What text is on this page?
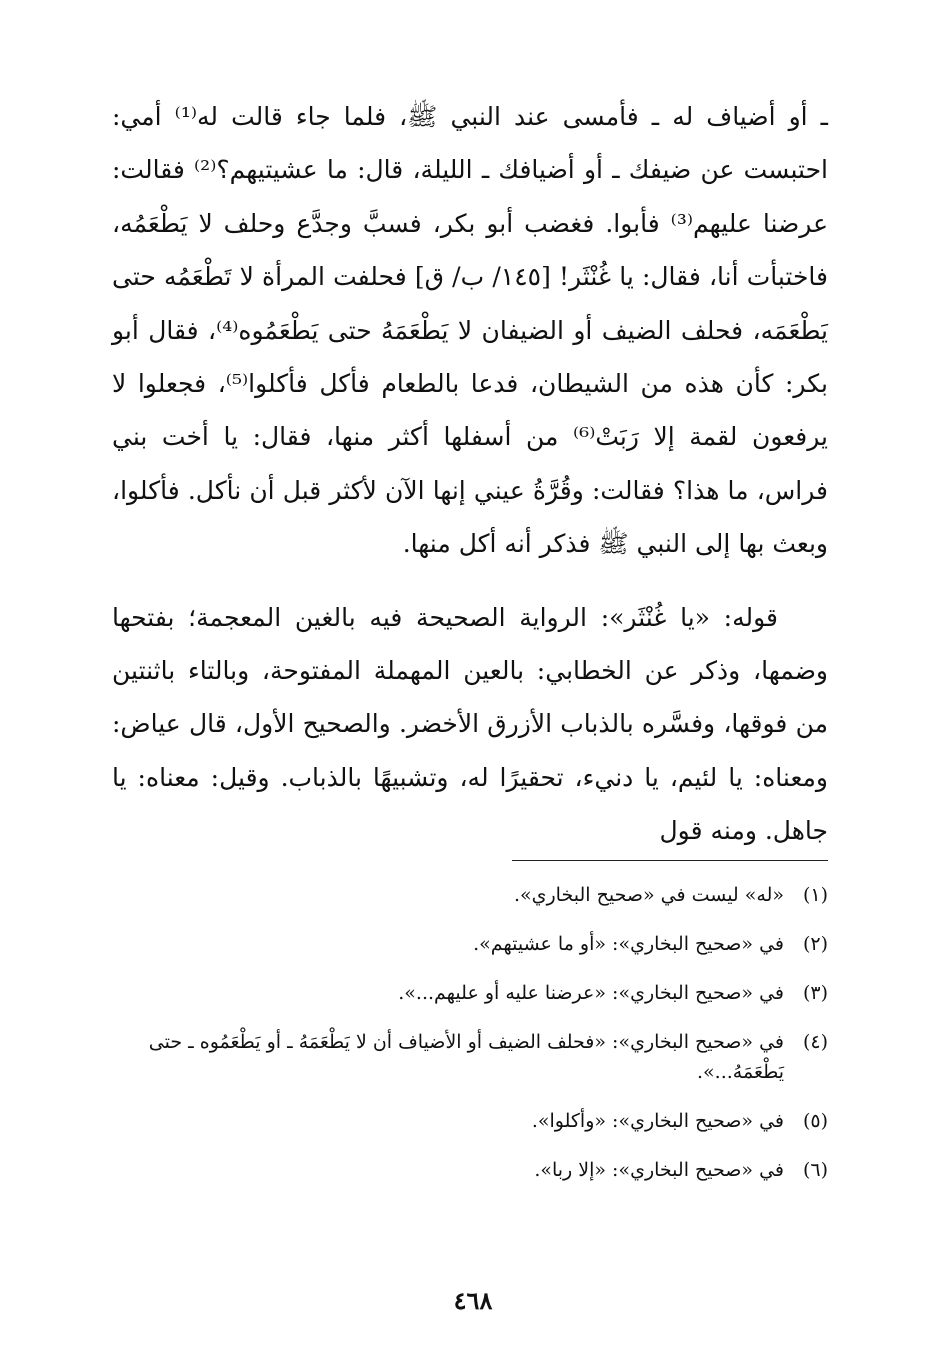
ـ أو أضياف له ـ فأمسى عند النبي ﷺ، فلما جاء قالت له⁽¹⁾ أمي: احتبست عن ضيفك ـ أو أضيافك ـ الليلة، قال: ما عشيتيهم؟⁽²⁾ فقالت: عرضنا عليهم⁽³⁾ فأبوا. فغضب أبو بكر، فسبَّ وجدَّع وحلف لا يَطْعَمُه، فاختبأت أنا، فقال: يا غُنْثَر! [١٤٥/ ب/ ق] فحلفت المرأة لا تَطْعَمُه حتى يَطْعَمَه، فحلف الضيف أو الضيفان لا يَطْعَمَهُ حتى يَطْعَمُوه⁽⁴⁾، فقال أبو بكر: كأن هذه من الشيطان، فدعا بالطعام فأكل فأكلوا⁽⁵⁾، فجعلوا لا يرفعون لقمة إلا رَبَتْ⁽⁶⁾ من أسفلها أكثر منها، فقال: يا أخت بني فراس، ما هذا؟ فقالت: وقُرَّةُ عيني إنها الآن لأكثر قبل أن نأكل. فأكلوا، وبعث بها إلى النبي ﷺ فذكر أنه أكل منها.

قوله: «يا غُنْثَر»: الرواية الصحيحة فيه بالغين المعجمة؛ بفتحها وضمها، وذكر عن الخطابي: بالعين المهملة المفتوحة، وبالتاء باثنتين من فوقها، وفسَّره بالذباب الأزرق الأخضر. والصحيح الأول، قال عياض: ومعناه: يا لئيم، يا دنيء، تحقيرًا له، وتشبيهًا بالذباب. وقيل: معناه: يا جاهل. ومنه قول

(١)
«له» ليست في «صحيح البخاري».
(٢)
في «صحيح البخاري»: «أو ما عشيتهم».
(٣)
في «صحيح البخاري»: «عرضنا عليه أو عليهم...».
(٤)
في «صحيح البخاري»: «فحلف الضيف أو الأضياف أن لا يَطْعَمَهُ ـ أو يَطْعَمُوه ـ حتى يَطْعَمَهُ...».
(٥)
في «صحيح البخاري»: «وأكلوا».
(٦)
في «صحيح البخاري»: «إلا ربا».
٤٦٨
